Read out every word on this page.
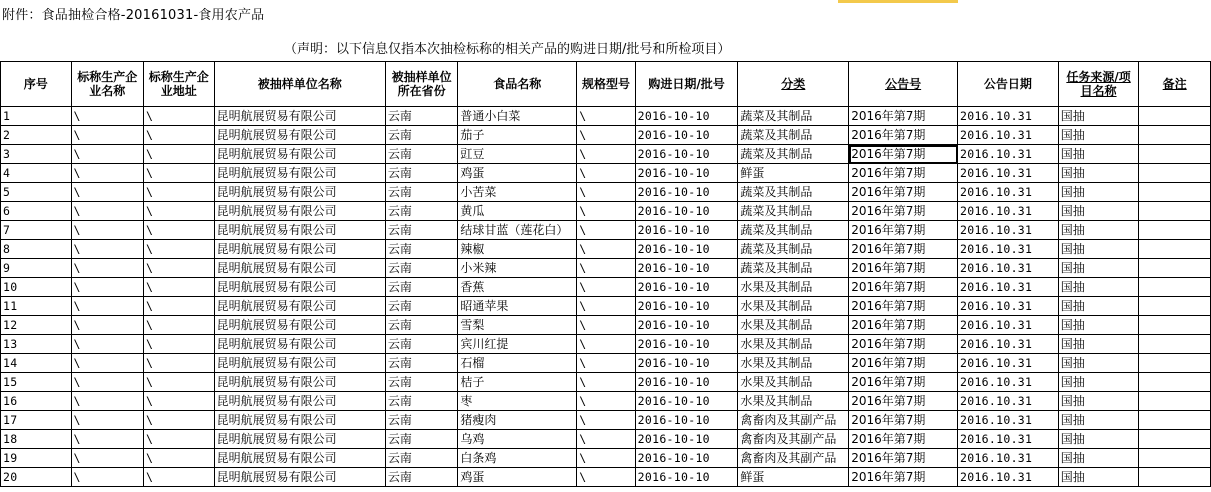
附件：食品抽检合格-20161031-食用农产品
（声明：以下信息仅指本次抽检标称的相关产品的购进日期/批号和所检项目）
序号	标称生产企业名称	标称生产企业地址	被抽样单位名称	被抽样单位所在省份	食品名称	规格型号	购进日期/批号	分类	公告号	公告日期	任务来源/项目名称	备注
1	\	\	昆明航展贸易有限公司	云南	普通小白菜	\	2016-10-10	蔬菜及其制品	2016年第7期	2016.10.31	国抽	
2	\	\	昆明航展贸易有限公司	云南	茄子	\	2016-10-10	蔬菜及其制品	2016年第7期	2016.10.31	国抽	
3	\	\	昆明航展贸易有限公司	云南	豇豆	\	2016-10-10	蔬菜及其制品	2016年第7期	2016.10.31	国抽	
4	\	\	昆明航展贸易有限公司	云南	鸡蛋	\	2016-10-10	鲜蛋	2016年第7期	2016.10.31	国抽	
5	\	\	昆明航展贸易有限公司	云南	小苦菜	\	2016-10-10	蔬菜及其制品	2016年第7期	2016.10.31	国抽	
6	\	\	昆明航展贸易有限公司	云南	黄瓜	\	2016-10-10	蔬菜及其制品	2016年第7期	2016.10.31	国抽	
7	\	\	昆明航展贸易有限公司	云南	结球甘蓝（莲花白）	\	2016-10-10	蔬菜及其制品	2016年第7期	2016.10.31	国抽	
8	\	\	昆明航展贸易有限公司	云南	辣椒	\	2016-10-10	蔬菜及其制品	2016年第7期	2016.10.31	国抽	
9	\	\	昆明航展贸易有限公司	云南	小米辣	\	2016-10-10	蔬菜及其制品	2016年第7期	2016.10.31	国抽	
10	\	\	昆明航展贸易有限公司	云南	香蕉	\	2016-10-10	水果及其制品	2016年第7期	2016.10.31	国抽	
11	\	\	昆明航展贸易有限公司	云南	昭通苹果	\	2016-10-10	水果及其制品	2016年第7期	2016.10.31	国抽	
12	\	\	昆明航展贸易有限公司	云南	雪梨	\	2016-10-10	水果及其制品	2016年第7期	2016.10.31	国抽	
13	\	\	昆明航展贸易有限公司	云南	宾川红提	\	2016-10-10	水果及其制品	2016年第7期	2016.10.31	国抽	
14	\	\	昆明航展贸易有限公司	云南	石榴	\	2016-10-10	水果及其制品	2016年第7期	2016.10.31	国抽	
15	\	\	昆明航展贸易有限公司	云南	桔子	\	2016-10-10	水果及其制品	2016年第7期	2016.10.31	国抽	
16	\	\	昆明航展贸易有限公司	云南	枣	\	2016-10-10	水果及其制品	2016年第7期	2016.10.31	国抽	
17	\	\	昆明航展贸易有限公司	云南	猪瘦肉	\	2016-10-10	禽畜肉及其副产品	2016年第7期	2016.10.31	国抽	
18	\	\	昆明航展贸易有限公司	云南	乌鸡	\	2016-10-10	禽畜肉及其副产品	2016年第7期	2016.10.31	国抽	
19	\	\	昆明航展贸易有限公司	云南	白条鸡	\	2016-10-10	禽畜肉及其副产品	2016年第7期	2016.10.31	国抽	
20	\	\	昆明航展贸易有限公司	云南	鸡蛋	\	2016-10-10	鲜蛋	2016年第7期	2016.10.31	国抽	
